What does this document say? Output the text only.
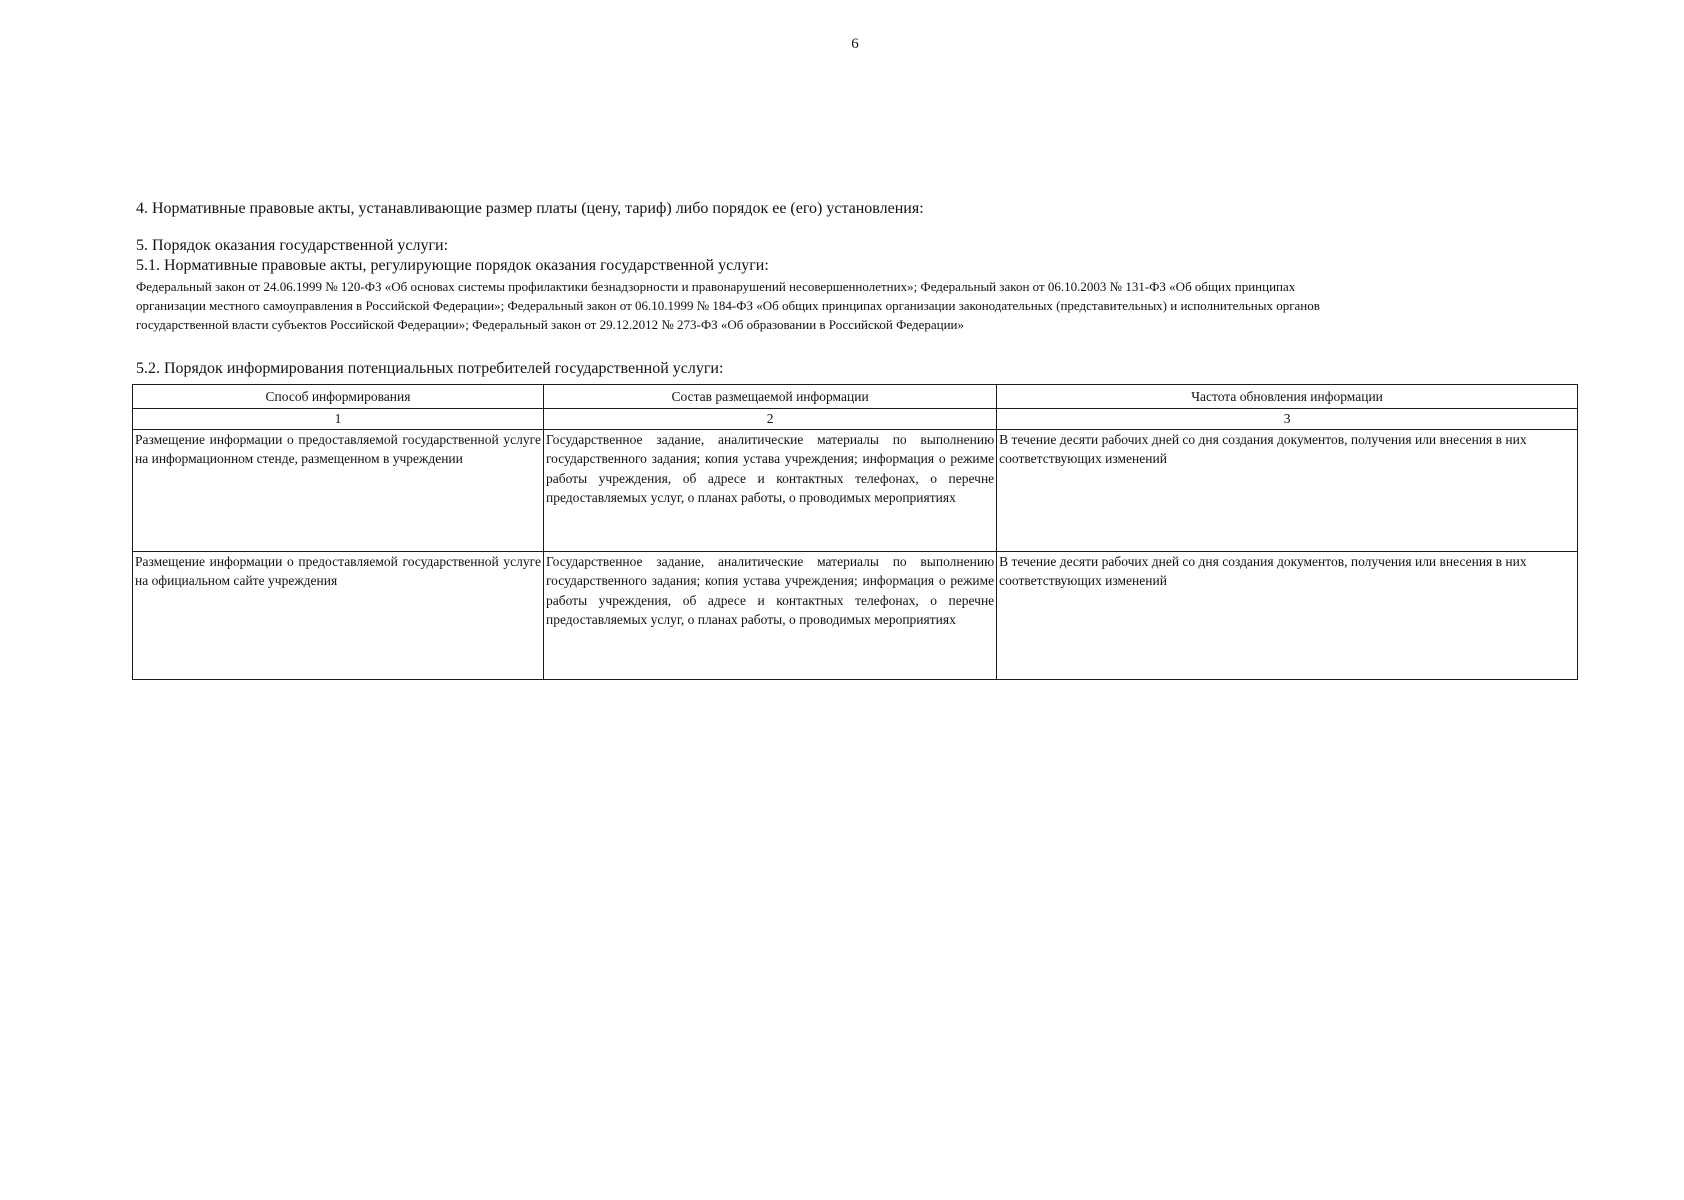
6
4. Нормативные правовые акты, устанавливающие размер платы (цену, тариф) либо порядок ее (его) установления:
5. Порядок оказания государственной услуги:
5.1. Нормативные правовые акты, регулирующие порядок оказания государственной услуги:
Федеральный закон от 24.06.1999 № 120-ФЗ «Об основах системы профилактики безнадзорности и правонарушений несовершеннолетних»; Федеральный закон от 06.10.2003 № 131-ФЗ «Об общих принципах
организации местного самоуправления в Российской Федерации»; Федеральный закон от 06.10.1999 № 184-ФЗ «Об общих принципах организации законодательных (представительных) и исполнительных органов
государственной власти субъектов Российской Федерации»; Федеральный закон от 29.12.2012 № 273-ФЗ «Об образовании в Российской Федерации»
5.2. Порядок информирования потенциальных потребителей государственной услуги:
Способ информирования	Состав размещаемой информации	Частота обновления информации
1	2	3
Размещение информации о предоставляемой государственной услуге на информационном стенде, размещенном в учреждении	Государственное задание, аналитические материалы по выполнению государственного задания; копия устава учреждения; информация о режиме работы учреждения, об адресе и контактных телефонах, о перечне предоставляемых услуг, о планах работы, о проводимых мероприятиях	В течение десяти рабочих дней со дня создания документов, получения или внесения в них соответствующих изменений
Размещение информации о предоставляемой государственной услуге на официальном сайте учреждения	Государственное задание, аналитические материалы по выполнению государственного задания; копия устава учреждения; информация о режиме работы учреждения, об адресе и контактных телефонах, о перечне предоставляемых услуг, о планах работы, о проводимых мероприятиях	В течение десяти рабочих дней со дня создания документов, получения или внесения в них соответствующих изменений
